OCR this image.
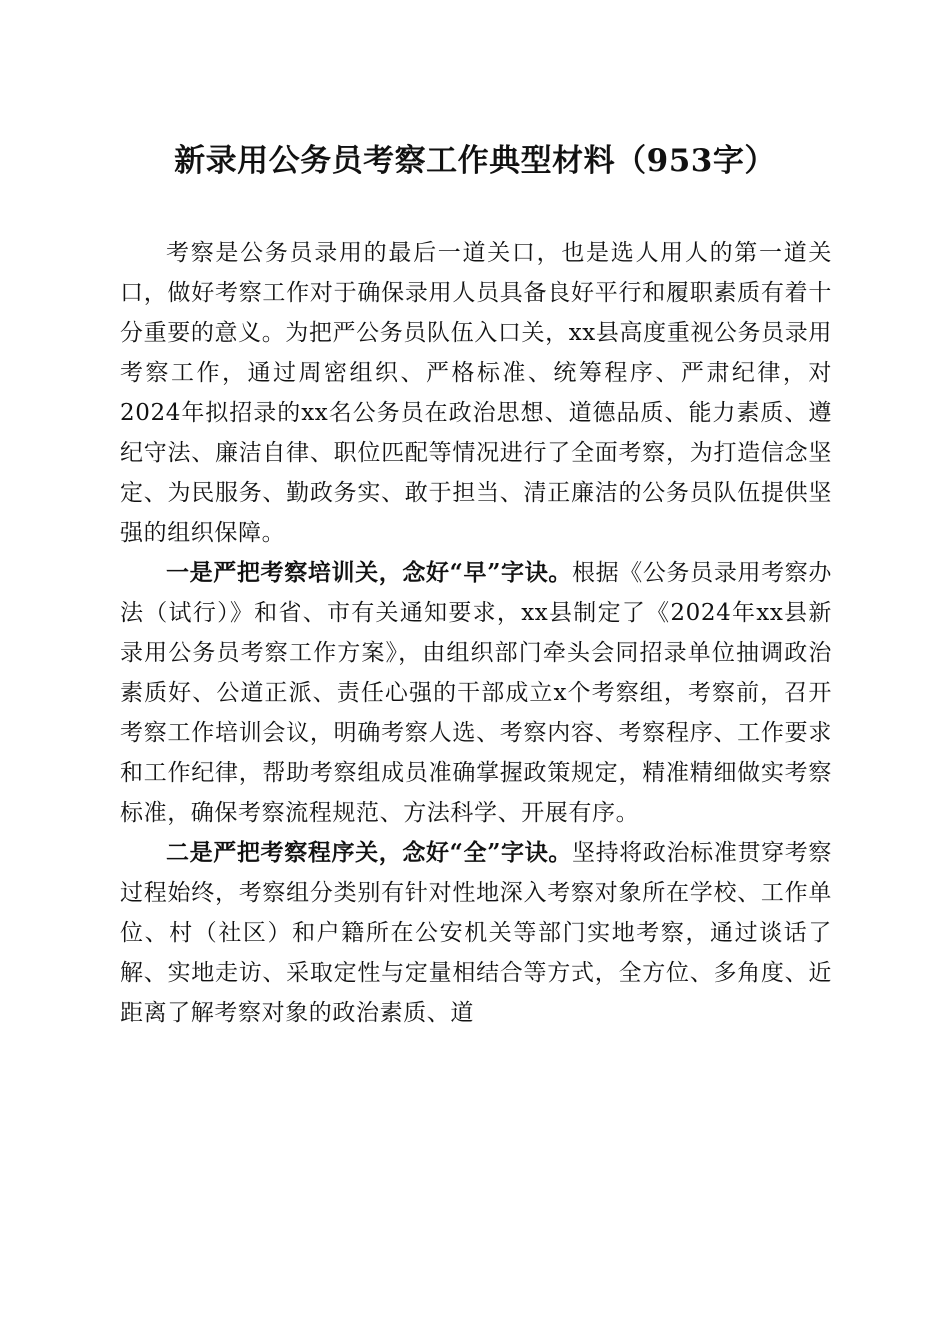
新录用公务员考察工作典型材料（953字）

考察是公务员录用的最后一道关口，也是选人用人的第一道关口，做好考察工作对于确保录用人员具备良好平行和履职素质有着十分重要的意义。为把严公务员队伍入口关，xx县高度重视公务员录用考察工作，通过周密组织、严格标准、统筹程序、严肃纪律，对2024年拟招录的xx名公务员在政治思想、道德品质、能力素质、遵纪守法、廉洁自律、职位匹配等情况进行了全面考察，为打造信念坚定、为民服务、勤政务实、敢于担当、清正廉洁的公务员队伍提供坚强的组织保障。

一是严把考察培训关，念好“早”字诀。根据《公务员录用考察办法（试行）》和省、市有关通知要求，xx县制定了《2024年xx县新录用公务员考察工作方案》，由组织部门牵头会同招录单位抽调政治素质好、公道正派、责任心强的干部成立x个考察组，考察前，召开考察工作培训会议，明确考察人选、考察内容、考察程序、工作要求和工作纪律，帮助考察组成员准确掌握政策规定，精准精细做实考察标准，确保考察流程规范、方法科学、开展有序。

二是严把考察程序关，念好“全”字诀。坚持将政治标准贯穿考察过程始终，考察组分类别有针对性地深入考察对象所在学校、工作单位、村（社区）和户籍所在公安机关等部门实地考察，通过谈话了解、实地走访、采取定性与定量相结合等方式，全方位、多角度、近距离了解考察对象的政治素质、道
